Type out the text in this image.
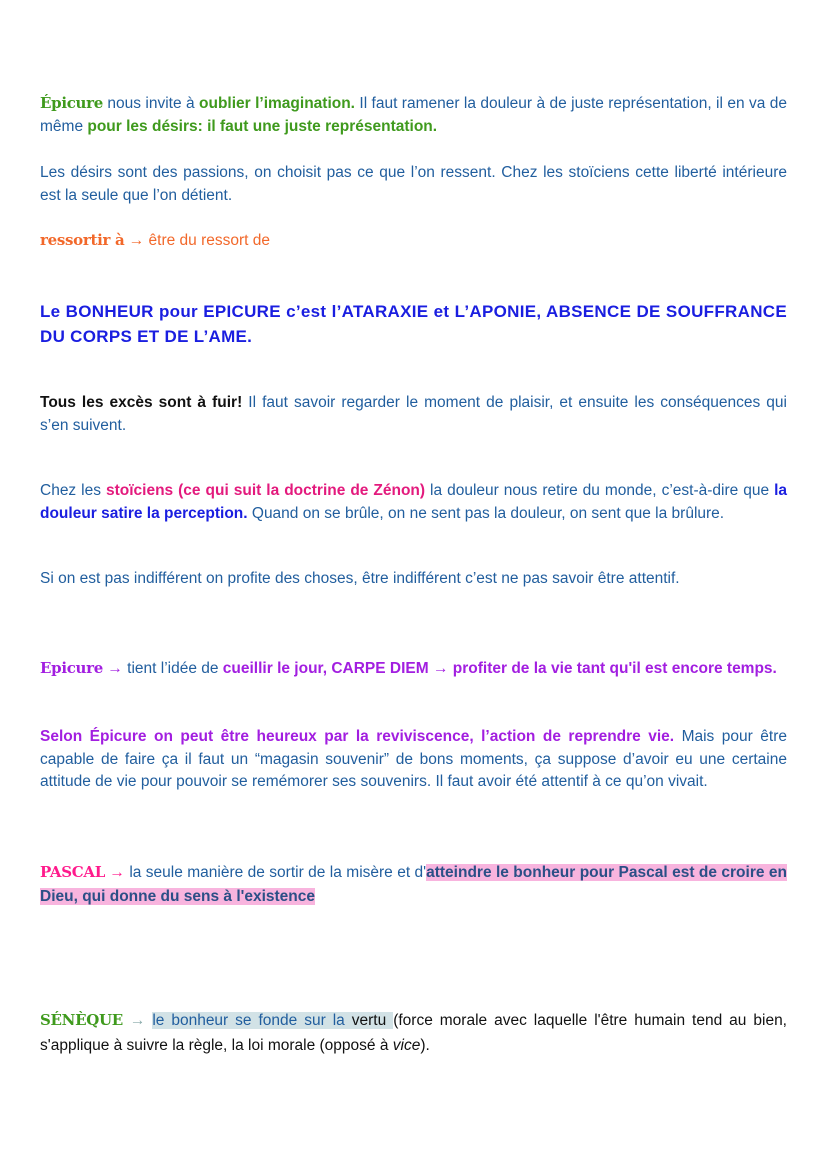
Épicure nous invite à oublier l’imagination. Il faut ramener la douleur à de juste représentation, il en va de même pour les désirs: il faut une juste représentation.

Les désirs sont des passions, on choisit pas ce que l’on ressent. Chez les stoïciens cette liberté intérieure est la seule que l’on détient.

ressortir à → être du ressort de

Le BONHEUR pour EPICURE c’est l’ATARAXIE et L’APONIE, ABSENCE DE SOUFFRANCE DU CORPS ET DE L’AME.

Tous les excès sont à fuir! Il faut savoir regarder le moment de plaisir, et ensuite les conséquences qui s’en suivent.

Chez les stoïciens (ce qui suit la doctrine de Zénon) la douleur nous retire du monde, c’est-à-dire que la douleur satire la perception. Quand on se brûle, on ne sent pas la douleur, on sent que la brûlure.

Si on est pas indifférent on profite des choses, être indifférent c’est ne pas savoir être attentif.

Epicure → tient l’idée de cueillir le jour, CARPE DIEM → profiter de la vie tant qu'il est encore temps.

Selon Épicure on peut être heureux par la reviviscence, l’action de reprendre vie. Mais pour être capable de faire ça il faut un “magasin souvenir” de bons moments, ça suppose d’avoir eu une certaine attitude de vie pour pouvoir se remémorer ses souvenirs. Il faut avoir été attentif à ce qu’on vivait.

PASCAL → la seule manière de sortir de la misère et d'atteindre le bonheur pour Pascal est de croire en Dieu, qui donne du sens à l'existence

SÉNÈQUE → le bonheur se fonde sur la vertu (force morale avec laquelle l'être humain tend au bien, s'applique à suivre la règle, la loi morale (opposé à vice).
